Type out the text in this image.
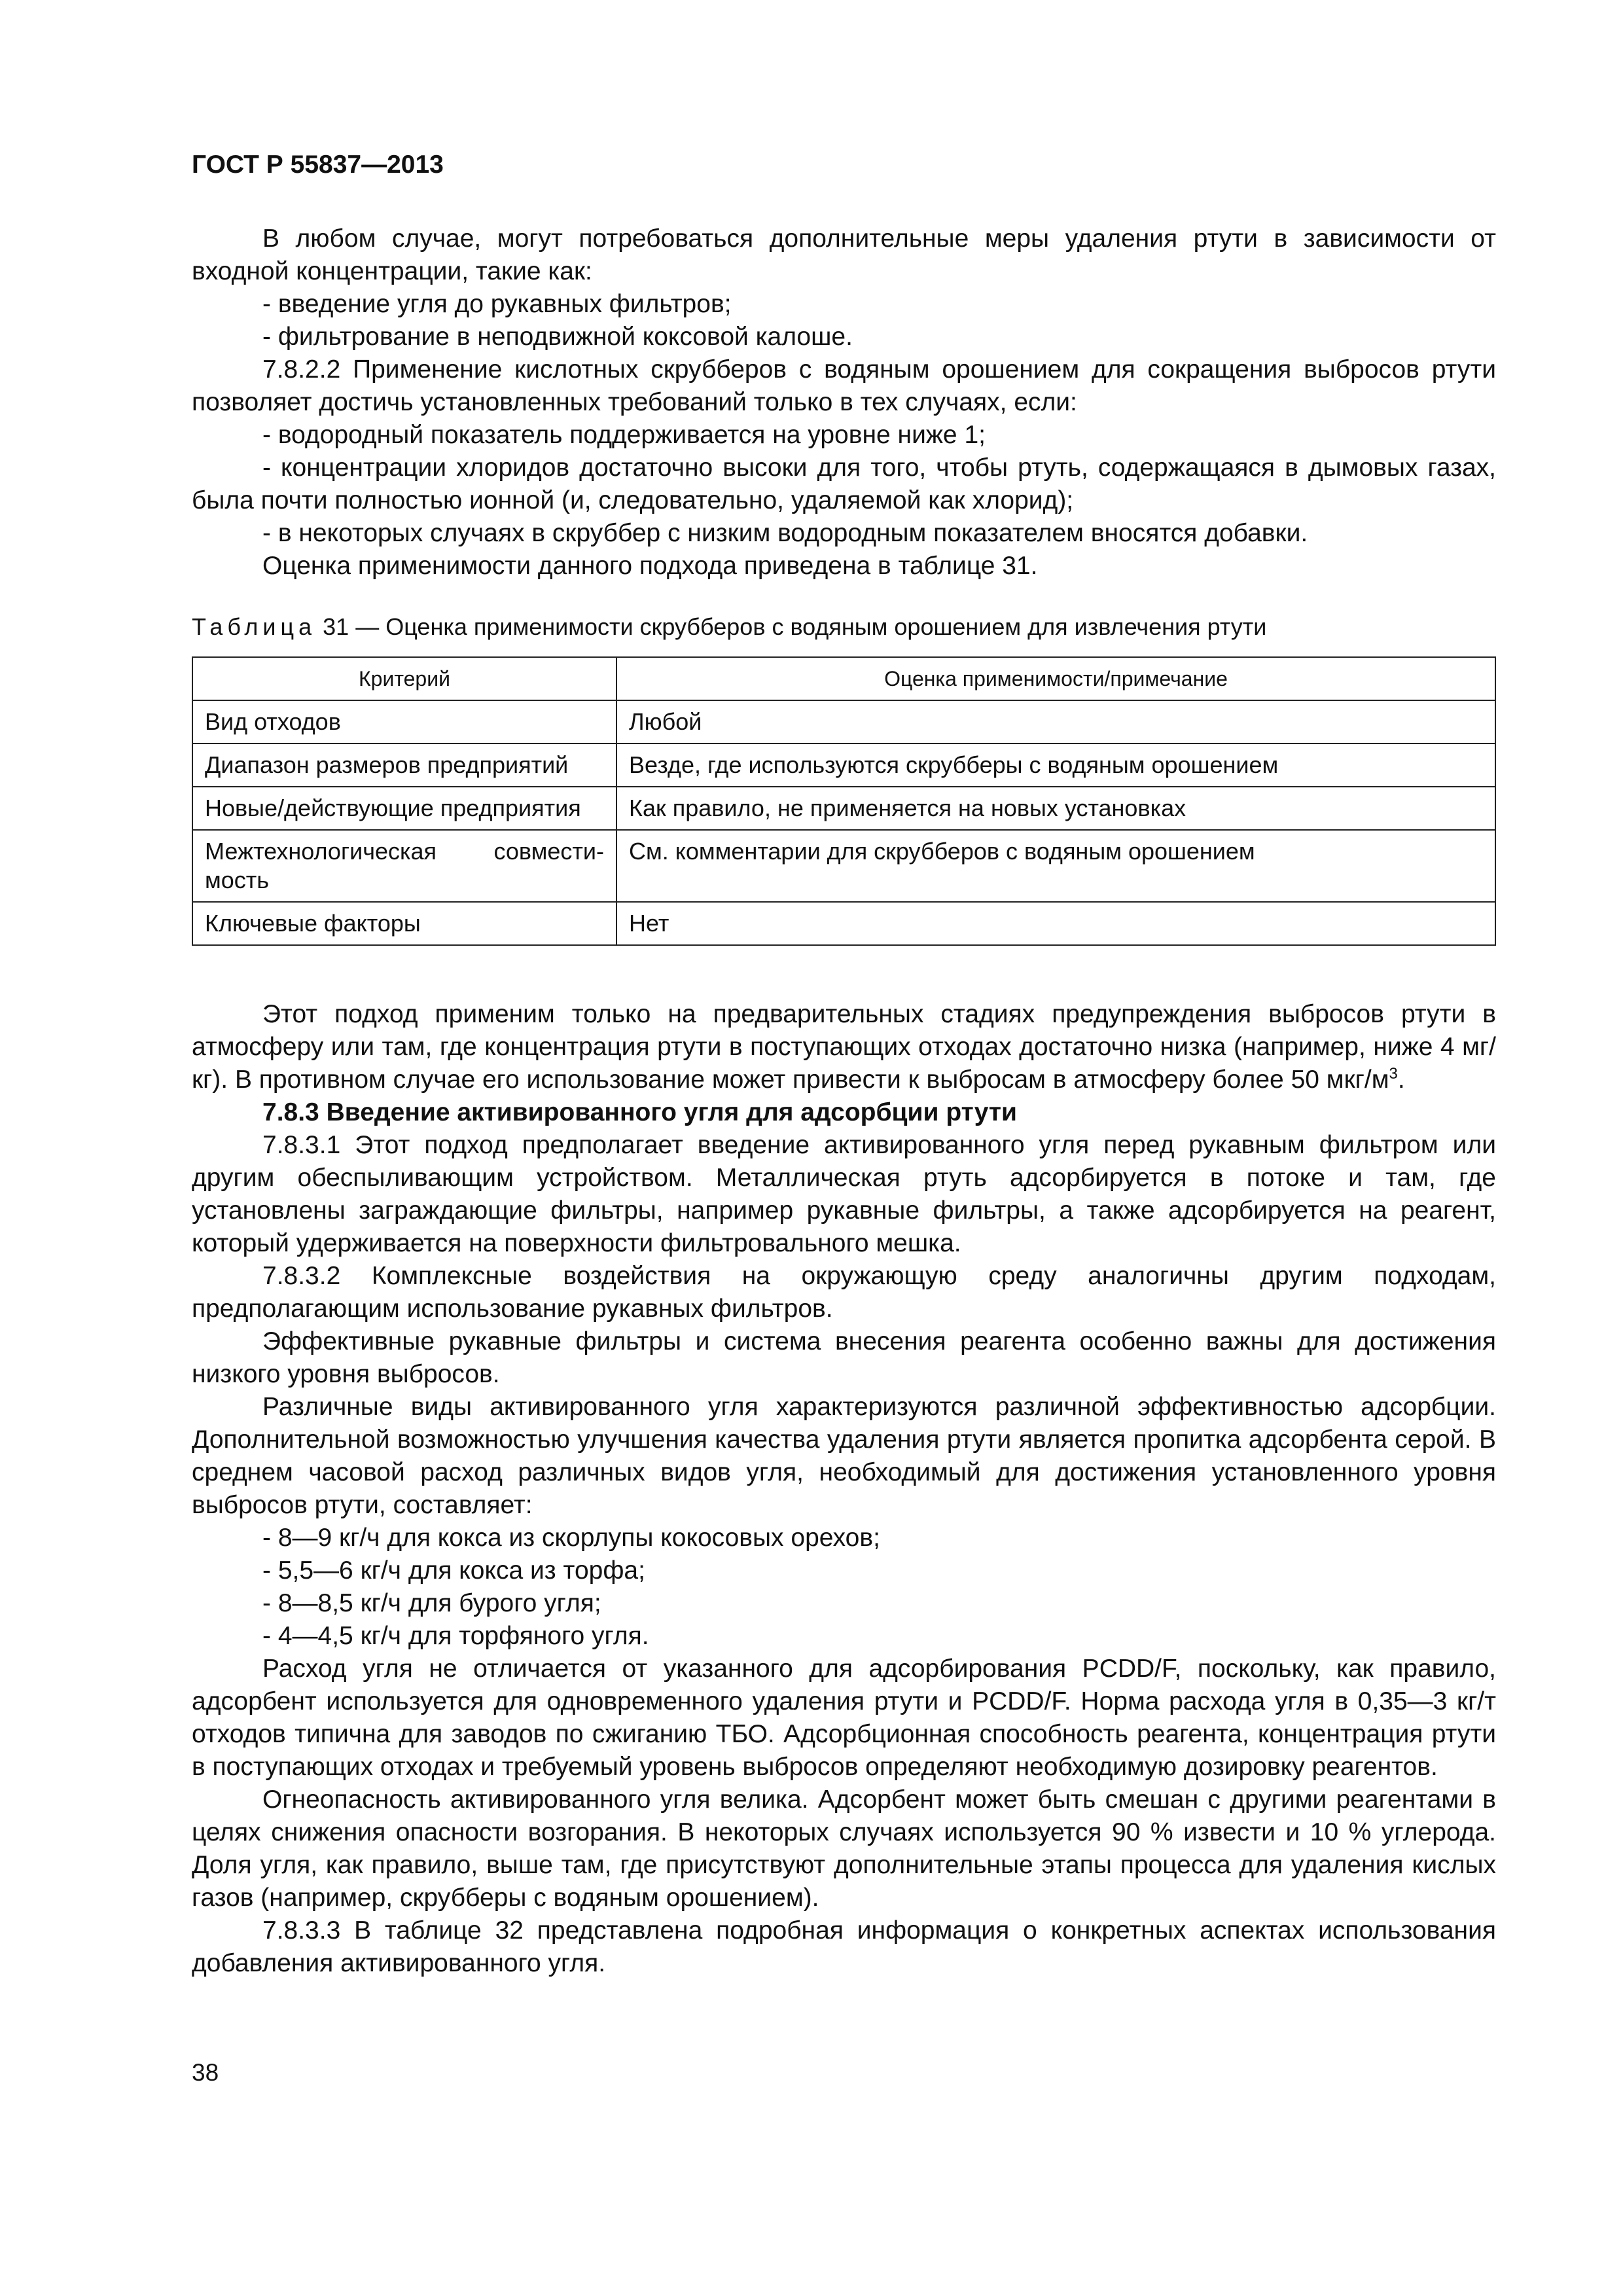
ГОСТ Р 55837—2013

В любом случае, могут потребоваться дополнительные меры удаления ртути в зависимости от входной концентрации, такие как:

- введение угля до рукавных фильтров;

- фильтрование в неподвижной коксовой калоше.

7.8.2.2 Применение кислотных скрубберов с водяным орошением для сокращения выбросов ртути позволяет достичь установленных требований только в тех случаях, если:

- водородный показатель поддерживается на уровне ниже 1;

- концентрации хлоридов достаточно высоки для того, чтобы ртуть, содержащаяся в дымовых газах, была почти полностью ионной (и, следовательно, удаляемой как хлорид);

- в некоторых случаях в скруббер с низким водородным показателем вносятся добавки.

Оценка применимости данного подхода приведена в таблице 31.

Таблица 31 — Оценка применимости скрубберов с водяным орошением для извлечения ртути
Критерий	Оценка применимости/примечание
Вид отходов	Любой
Диапазон размеров предприятий	Везде, где используются скрубберы с водяным орошением
Новые/действующие предприятия	Как правило, не применяется на новых установках

Межтехнологическая совмести-
мость	См. комментарии для скрубберов с водяным орошением
Ключевые факторы	Нет

Этот подход применим только на предварительных стадиях предупреждения выбросов ртути в атмосферу или там, где концентрация ртути в поступающих отходах достаточно низка (например, ниже 4 мг/кг). В противном случае его использование может привести к выбросам в атмосферу более 50 мкг/$м^3$.

7.8.3 Введение активированного угля для адсорбции ртути

7.8.3.1 Этот подход предполагает введение активированного угля перед рукавным фильтром или другим обеспыливающим устройством. Металлическая ртуть адсорбируется в потоке и там, где установлены заграждающие фильтры, например рукавные фильтры, а также адсорбируется на реагент, который удерживается на поверхности фильтровального мешка.

7.8.3.2 Комплексные воздействия на окружающую среду аналогичны другим подходам, предполагающим использование рукавных фильтров.

Эффективные рукавные фильтры и система внесения реагента особенно важны для достижения низкого уровня выбросов.

Различные виды активированного угля характеризуются различной эффективностью адсорбции. Дополнительной возможностью улучшения качества удаления ртути является пропитка адсорбента серой. В среднем часовой расход различных видов угля, необходимый для достижения установленного уровня выбросов ртути, составляет:

- 8—9 кг/ч для кокса из скорлупы кокосовых орехов;

- 5,5—6 кг/ч для кокса из торфа;

- 8—8,5 кг/ч для бурого угля;

- 4—4,5 кг/ч для торфяного угля.

Расход угля не отличается от указанного для адсорбирования PCDD/F, поскольку, как правило, адсорбент используется для одновременного удаления ртути и PCDD/F. Норма расхода угля в 0,35—3 кг/т отходов типична для заводов по сжиганию ТБО. Адсорбционная способность реагента, концентрация ртути в поступающих отходах и требуемый уровень выбросов определяют необходимую дозировку реагентов.

Огнеопасность активированного угля велика. Адсорбент может быть смешан с другими реагентами в целях снижения опасности возгорания. В некоторых случаях используется 90 % извести и 10 % углерода. Доля угля, как правило, выше там, где присутствуют дополнительные этапы процесса для удаления кислых газов (например, скрубберы с водяным орошением).

7.8.3.3 В таблице 32 представлена подробная информация о конкретных аспектах использования добавления активированного угля.

38
